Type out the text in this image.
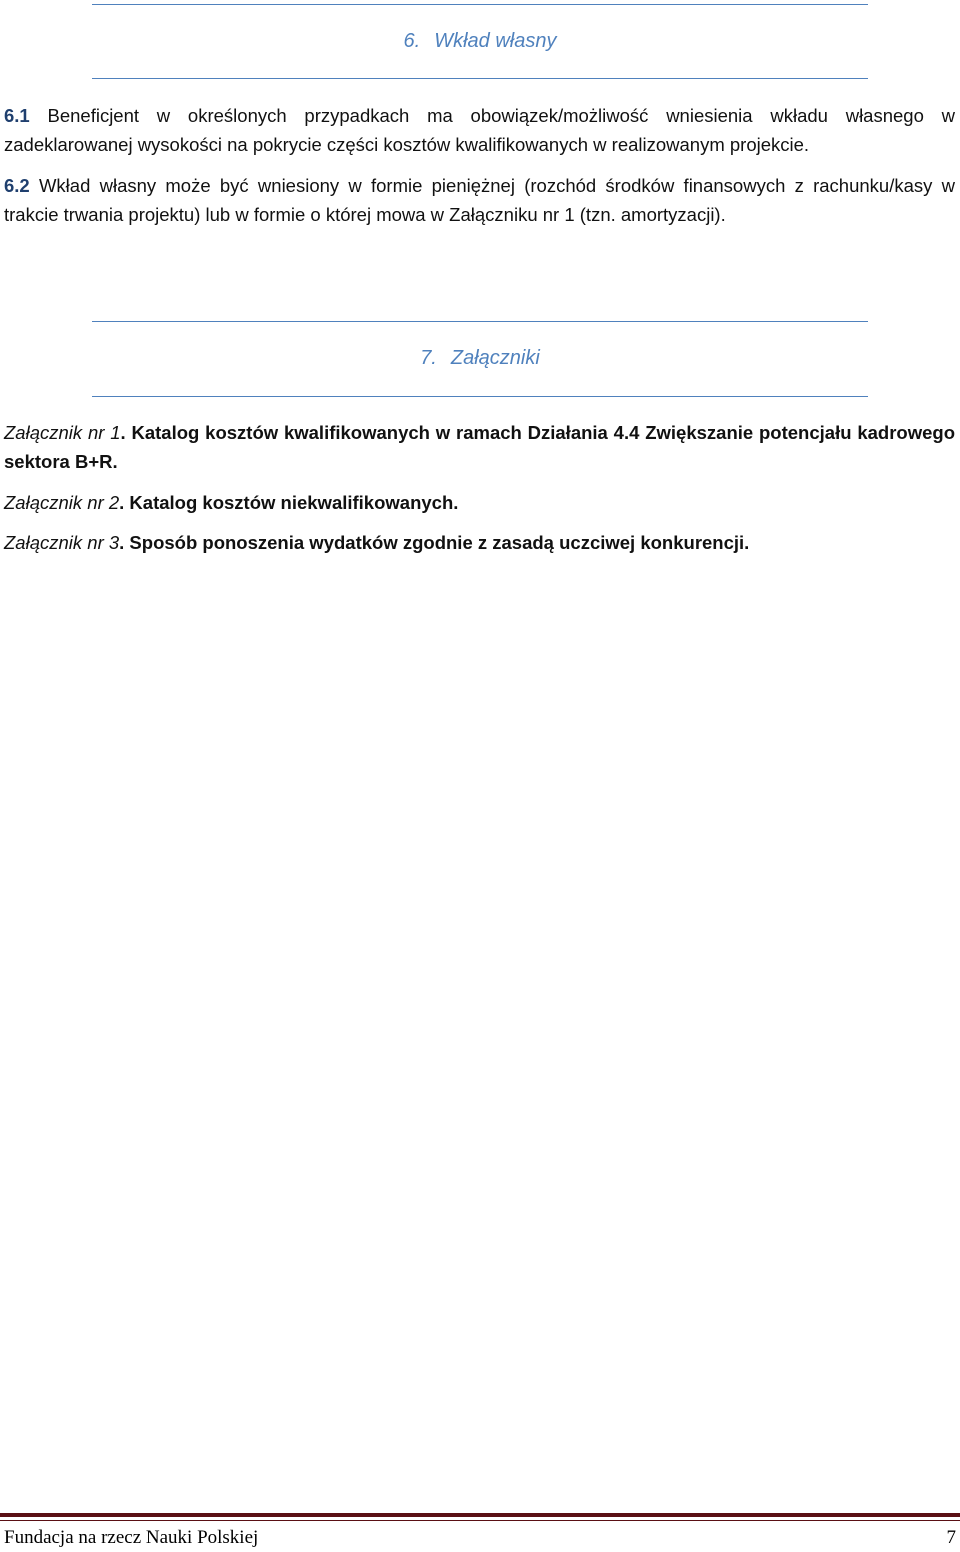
6. Wkład własny
6.1 Beneficjent w określonych przypadkach ma obowiązek/możliwość wniesienia wkładu własnego w zadeklarowanej wysokości na pokrycie części kosztów kwalifikowanych w realizowanym projekcie.
6.2 Wkład własny może być wniesiony w formie pieniężnej (rozchód środków finansowych z rachunku/kasy w trakcie trwania projektu) lub w formie o której mowa w Załączniku nr 1 (tzn. amortyzacji).
7. Załączniki
Załącznik nr 1. Katalog kosztów kwalifikowanych w ramach Działania 4.4 Zwiększanie potencjału kadrowego sektora B+R.
Załącznik nr 2. Katalog kosztów niekwalifikowanych.
Załącznik nr 3. Sposób ponoszenia wydatków zgodnie z zasadą uczciwej konkurencji.
Fundacja na rzecz Nauki Polskiej	7
